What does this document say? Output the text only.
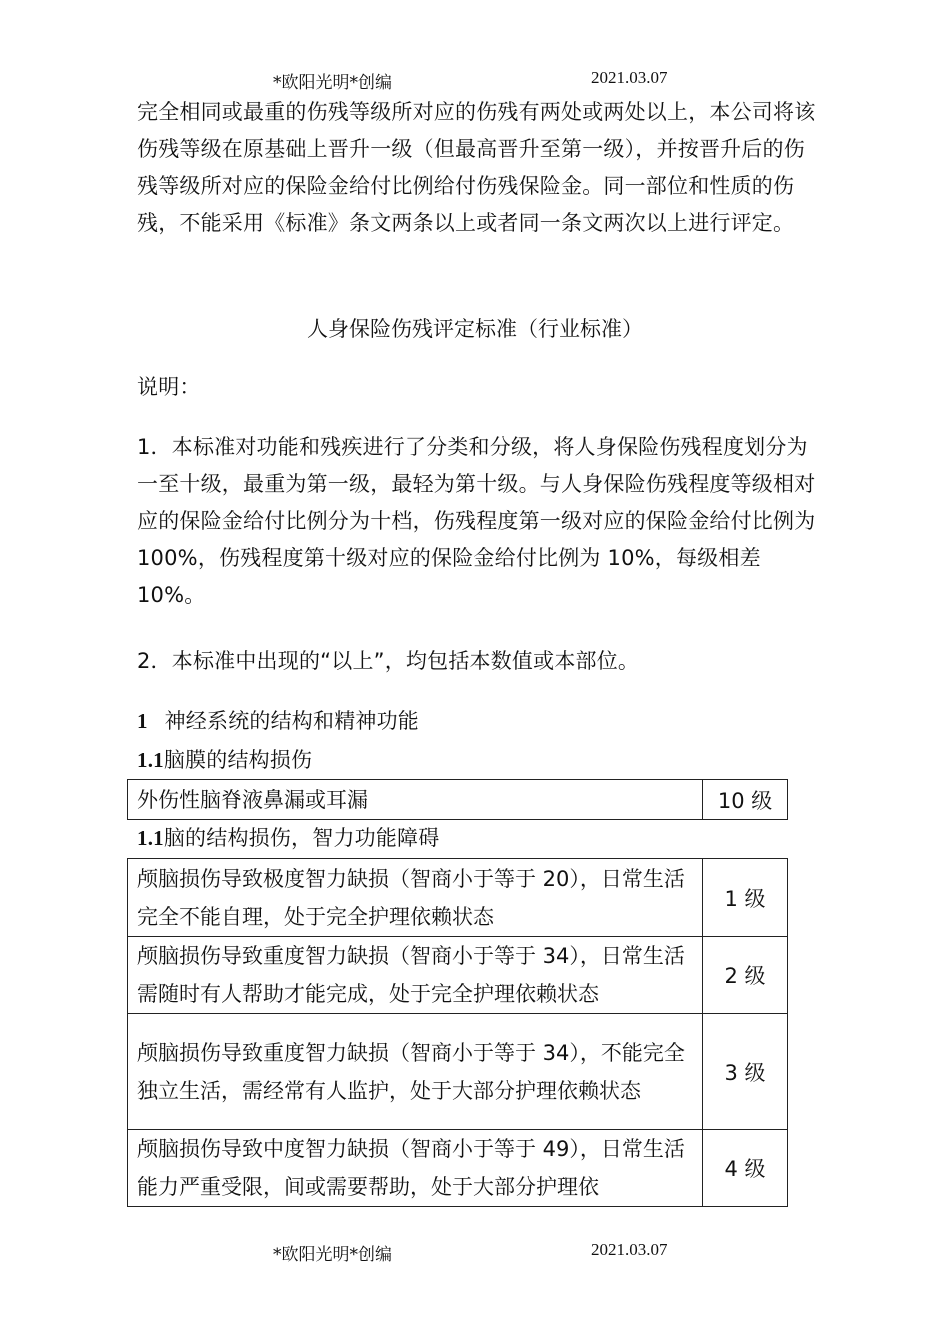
*欧阳光明*创编	2021.03.07
完全相同或最重的伤残等级所对应的伤残有两处或两处以上，本公司将该伤残等级在原基础上晋升一级（但最高晋升至第一级），并按晋升后的伤残等级所对应的保险金给付比例给付伤残保险金。同一部位和性质的伤残，不能采用《标准》条文两条以上或者同一条文两次以上进行评定。
人身保险伤残评定标准（行业标准）
说明：
1．本标准对功能和残疾进行了分类和分级，将人身保险伤残程度划分为一至十级，最重为第一级，最轻为第十级。与人身保险伤残程度等级相对应的保险金给付比例分为十档，伤残程度第一级对应的保险金给付比例为 100%，伤残程度第十级对应的保险金给付比例为 10%，每级相差 10%。
2．本标准中出现的“以上”，均包括本数值或本部位。
1 神经系统的结构和精神功能
1.1脑膜的结构损伤
外伤性脑脊液鼻漏或耳漏	10 级
1.1脑的结构损伤，智力功能障碍
颅脑损伤导致极度智力缺损（智商小于等于 20），日常生活完全不能自理，处于完全护理依赖状态	1 级
颅脑损伤导致重度智力缺损（智商小于等于 34），日常生活需随时有人帮助才能完成，处于完全护理依赖状态	2 级
颅脑损伤导致重度智力缺损（智商小于等于 34），不能完全独立生活，需经常有人监护，处于大部分护理依赖状态	3 级
颅脑损伤导致中度智力缺损（智商小于等于 49），日常生活能力严重受限，间或需要帮助，处于大部分护理依	4 级
*欧阳光明*创编	2021.03.07
